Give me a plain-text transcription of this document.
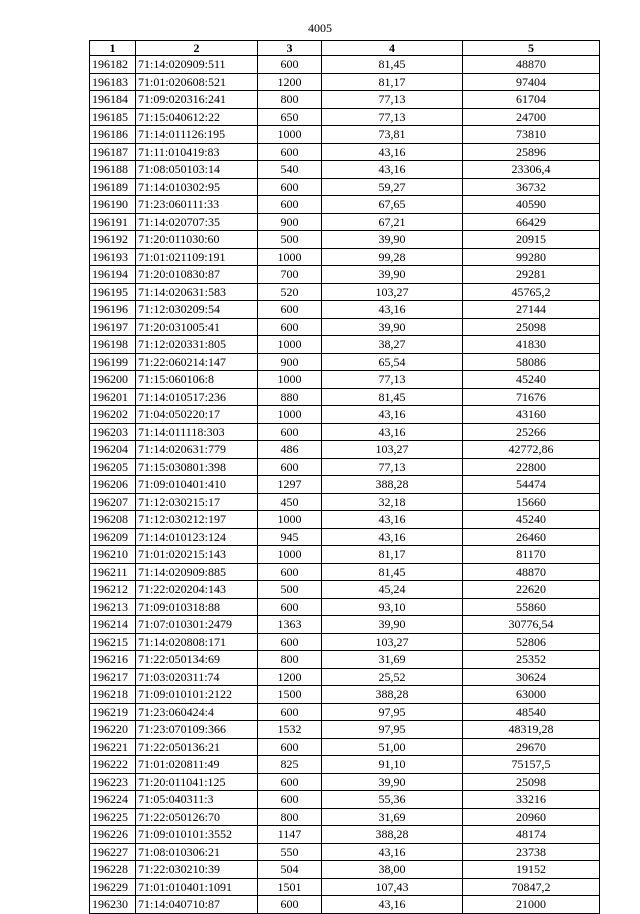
4005
1	2	3	4	5
196182	71:14:020909:511	600	81,45	48870
196183	71:01:020608:521	1200	81,17	97404
196184	71:09:020316:241	800	77,13	61704
196185	71:15:040612:22	650	77,13	24700
196186	71:14:011126:195	1000	73,81	73810
196187	71:11:010419:83	600	43,16	25896
196188	71:08:050103:14	540	43,16	23306,4
196189	71:14:010302:95	600	59,27	36732
196190	71:23:060111:33	600	67,65	40590
196191	71:14:020707:35	900	67,21	66429
196192	71:20:011030:60	500	39,90	20915
196193	71:01:021109:191	1000	99,28	99280
196194	71:20:010830:87	700	39,90	29281
196195	71:14:020631:583	520	103,27	45765,2
196196	71:12:030209:54	600	43,16	27144
196197	71:20:031005:41	600	39,90	25098
196198	71:12:020331:805	1000	38,27	41830
196199	71:22:060214:147	900	65,54	58086
196200	71:15:060106:8	1000	77,13	45240
196201	71:14:010517:236	880	81,45	71676
196202	71:04:050220:17	1000	43,16	43160
196203	71:14:011118:303	600	43,16	25266
196204	71:14:020631:779	486	103,27	42772,86
196205	71:15:030801:398	600	77,13	22800
196206	71:09:010401:410	1297	388,28	54474
196207	71:12:030215:17	450	32,18	15660
196208	71:12:030212:197	1000	43,16	45240
196209	71:14:010123:124	945	43,16	26460
196210	71:01:020215:143	1000	81,17	81170
196211	71:14:020909:885	600	81,45	48870
196212	71:22:020204:143	500	45,24	22620
196213	71:09:010318:88	600	93,10	55860
196214	71:07:010301:2479	1363	39,90	30776,54
196215	71:14:020808:171	600	103,27	52806
196216	71:22:050134:69	800	31,69	25352
196217	71:03:020311:74	1200	25,52	30624
196218	71:09:010101:2122	1500	388,28	63000
196219	71:23:060424:4	600	97,95	48540
196220	71:23:070109:366	1532	97,95	48319,28
196221	71:22:050136:21	600	51,00	29670
196222	71:01:020811:49	825	91,10	75157,5
196223	71:20:011041:125	600	39,90	25098
196224	71:05:040311:3	600	55,36	33216
196225	71:22:050126:70	800	31,69	20960
196226	71:09:010101:3552	1147	388,28	48174
196227	71:08:010306:21	550	43,16	23738
196228	71:22:030210:39	504	38,00	19152
196229	71:01:010401:1091	1501	107,43	70847,2
196230	71:14:040710:87	600	43,16	21000
